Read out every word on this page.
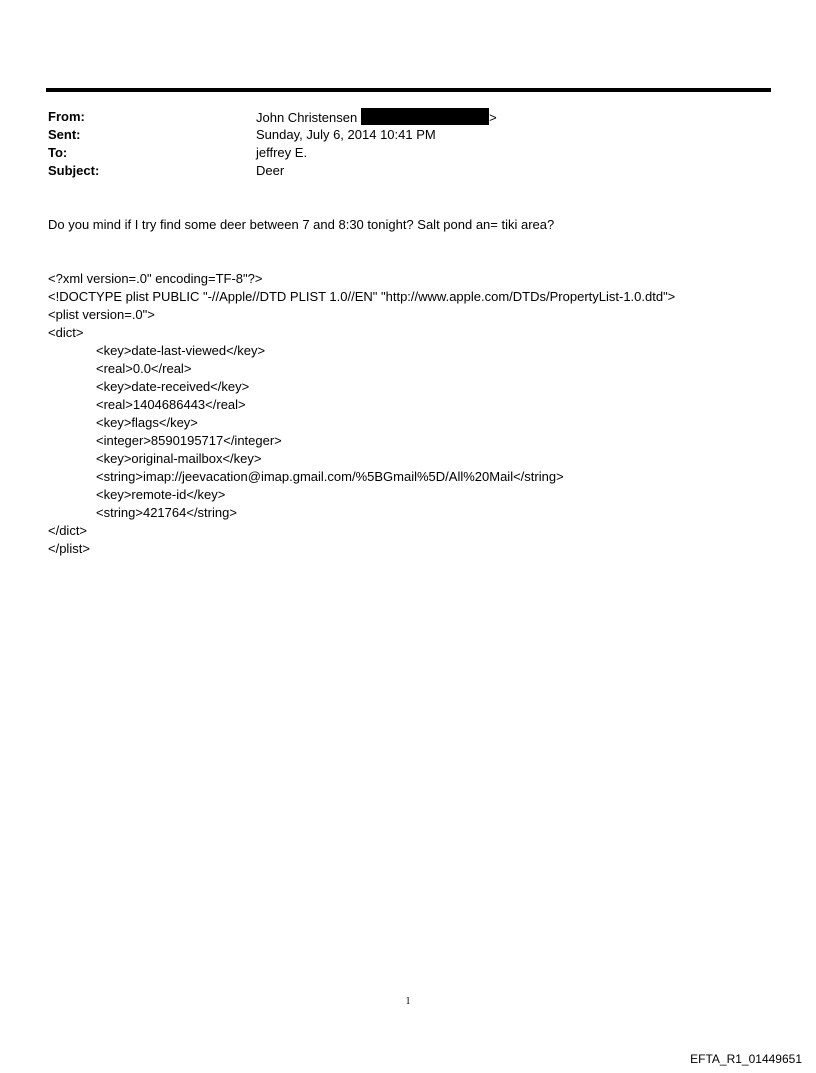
From:	John Christensen	>
Sent:	Sunday, July 6, 2014 10:41 PM
To:	jeffrey E.
Subject:	Deer
Do you mind if I try find some deer between 7 and 8:30 tonight? Salt pond an= tiki area?
<?xml version=.0" encoding=TF-8"?>
<!DOCTYPE plist PUBLIC "-//Apple//DTD PLIST 1.0//EN" "http://www.apple.com/DTDs/PropertyList-1.0.dtd">
<plist version=.0">
<dict>
<key>date-last-viewed</key>
<real>0.0</real>
<key>date-received</key>
<real>1404686443</real>
<key>flags</key>
<integer>8590195717</integer>
<key>original-mailbox</key>
<string>imap://jeevacation@imap.gmail.com/%5BGmail%5D/All%20Mail</string>
<key>remote-id</key>
<string>421764</string>
</dict>
</plist>
1
EFTA_R1_01449651
